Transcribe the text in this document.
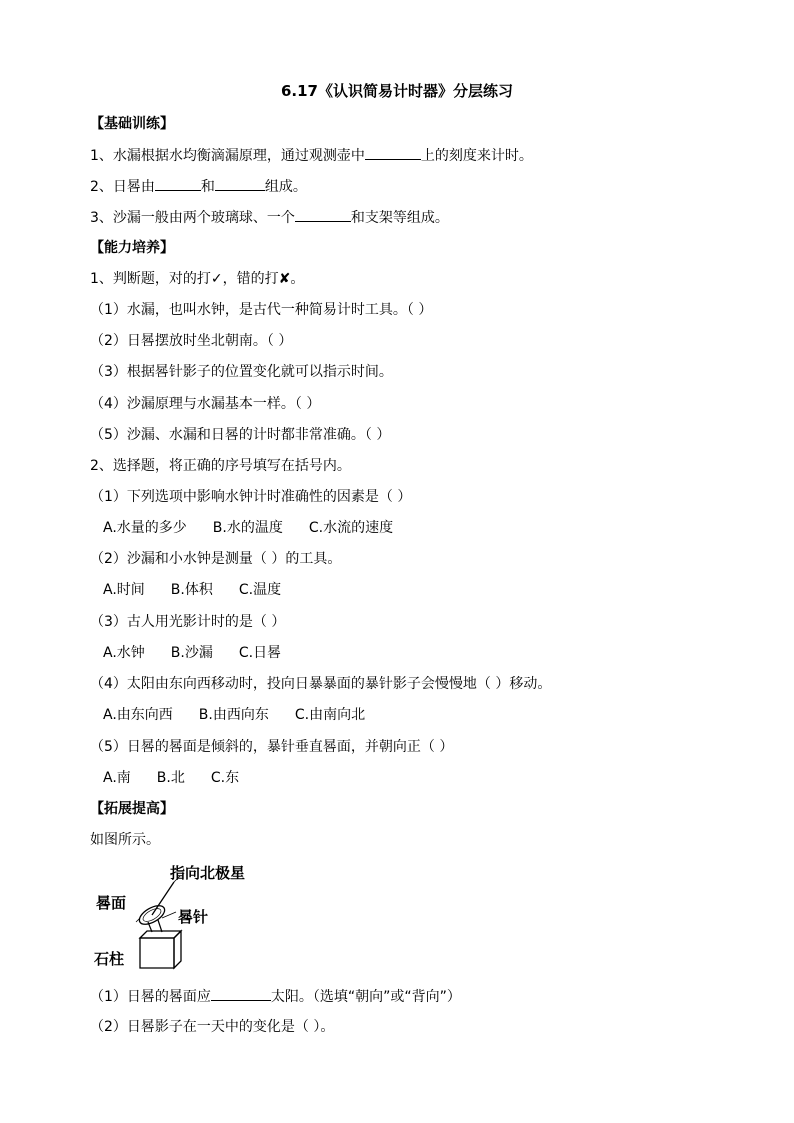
6.17《认识简易计时器》分层练习
【基础训练】
1、水漏根据水均衡滴漏原理，通过观测壶中	上的刻度来计时。
2、日晷由	和	组成。
3、沙漏一般由两个玻璃球、一个	和支架等组成。
【能力培养】
1、判断题，对的打✓，错的打✘。
（1）水漏，也叫水钟，是古代一种简易计时工具。（ ）
（2）日晷摆放时坐北朝南。（ ）
（3）根据晷针影子的位置变化就可以指示时间。
（4）沙漏原理与水漏基本一样。（ ）
（5）沙漏、水漏和日晷的计时都非常准确。（ ）
2、选择题，将正确的序号填写在括号内。
（1）下列选项中影响水钟计时准确性的因素是（ ）
A.水量的多少 B.水的温度 C.水流的速度
（2）沙漏和小水钟是测量（ ）的工具。
A.时间 B.体积 C.温度
（3）古人用光影计时的是（ ）
A.水钟 B.沙漏 C.日晷
（4）太阳由东向西移动时，投向日暴暴面的暴针影子会慢慢地（ ）移动。
A.由东向西 B.由西向东 C.由南向北
（5）日晷的晷面是倾斜的，暴针垂直晷面，并朝向正（ ）
A.南 B.北 C.东
【拓展提高】
如图所示。
指向北极星
晷面
晷针
石柱
（1）日晷的晷面应	太阳。（选填“朝向”或“背向”）
（2）日晷影子在一天中的变化是（ ）。
